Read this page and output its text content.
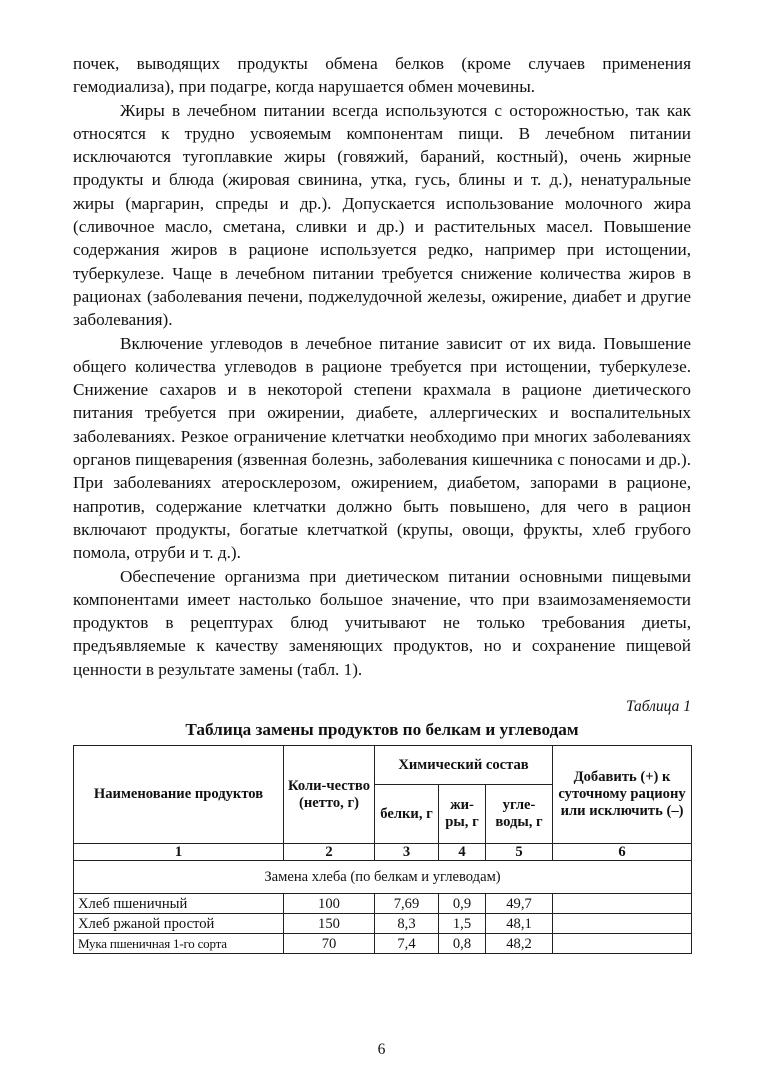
почек, выводящих продукты обмена белков (кроме случаев применения гемодиализа), при подагре, когда нарушается обмен мочевины.

Жиры в лечебном питании всегда используются с осторожностью, так как относятся к трудно усвояемым компонентам пищи. В лечебном питании исключаются тугоплавкие жиры (говяжий, бараний, костный), очень жирные продукты и блюда (жировая свинина, утка, гусь, блины и т. д.), ненатуральные жиры (маргарин, спреды и др.). Допускается использование молочного жира (сливочное масло, сметана, сливки и др.) и растительных масел. Повышение содержания жиров в рационе используется редко, например при истощении, туберкулезе. Чаще в лечебном питании требуется снижение количества жиров в рационах (заболевания печени, поджелудочной железы, ожирение, диабет и другие заболевания).

Включение углеводов в лечебное питание зависит от их вида. Повышение общего количества углеводов в рационе требуется при истощении, туберкулезе. Снижение сахаров и в некоторой степени крахмала в рационе диетического питания требуется при ожирении, диабете, аллергических и воспалительных заболеваниях. Резкое ограничение клетчатки необходимо при многих заболеваниях органов пищеварения (язвенная болезнь, заболевания кишечника с поносами и др.). При заболеваниях атеросклерозом, ожирением, диабетом, запорами в рационе, напротив, содержание клетчатки должно быть повышено, для чего в рацион включают продукты, богатые клетчаткой (крупы, овощи, фрукты, хлеб грубого помола, отруби и т. д.).

Обеспечение организма при диетическом питании основными пищевыми компонентами имеет настолько большое значение, что при взаимозаменяемости продуктов в рецептурах блюд учитывают не только требования диеты, предъявляемые к качеству заменяющих продуктов, но и сохранение пищевой ценности в результате замены (табл. 1).

Таблица 1
Таблица замены продуктов по белкам и углеводам
Наименование продуктов	Коли-чество (нетто, г)	Химический состав			Добавить (+) к суточному рациону или исключить (–)
		белки, г	жи-ры, г	угле-воды, г	
1	2	3	4	5	6
Замена хлеба (по белкам и углеводам)					
Хлеб пшеничный	100	7,69	0,9	49,7	
Хлеб ржаной простой	150	8,3	1,5	48,1	
Мука пшеничная 1-го сорта	70	7,4	0,8	48,2	
6
